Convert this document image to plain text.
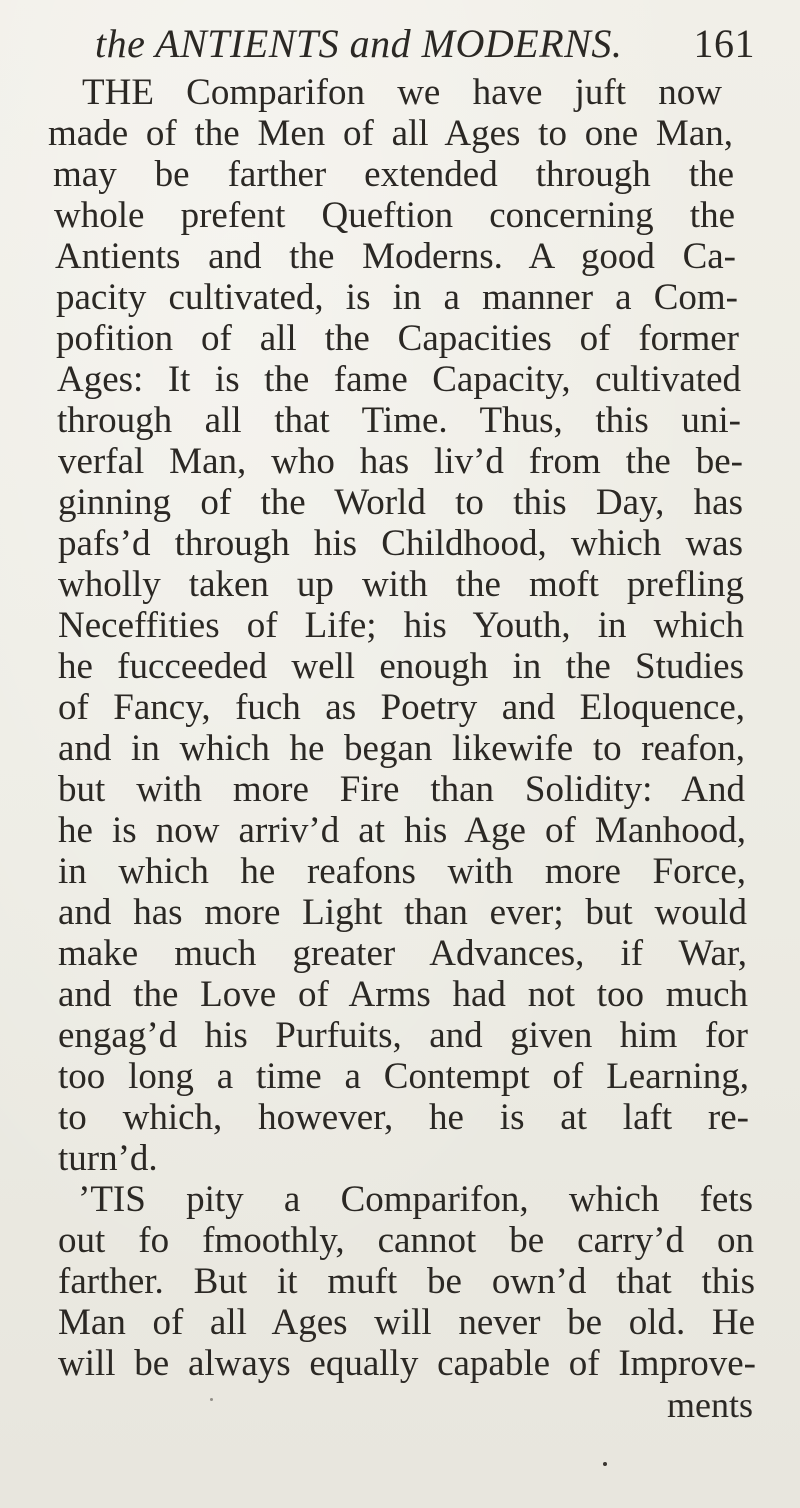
the ANTIENTS and MODERNS. 161
THE Comparifon we have juft now
made of the Men of all Ages to one Man,
may be farther extended through the
whole prefent Queftion concerning the
Antients and the Moderns. A good Ca-
pacity cultivated, is in a manner a Com-
pofition of all the Capacities of former
Ages: It is the fame Capacity, cultivated
through all that Time. Thus, this uni-
verfal Man, who has liv’d from the be-
ginning of the World to this Day, has
pafs’d through his Childhood, which was
wholly taken up with the moft prefling
Neceffities of Life; his Youth, in which
he fucceeded well enough in the Studies
of Fancy, fuch as Poetry and Eloquence,
and in which he began likewife to reafon,
but with more Fire than Solidity: And
he is now arriv’d at his Age of Manhood,
in which he reafons with more Force,
and has more Light than ever; but would
make much greater Advances, if War,
and the Love of Arms had not too much
engag’d his Purfuits, and given him for
too long a time a Contempt of Learning,
to which, however, he is at laft re-
turn’d.
’TIS pity a Comparifon, which fets
out fo fmoothly, cannot be carry’d on
farther. But it muft be own’d that this
Man of all Ages will never be old. He
will be always equally capable of Improve-
ments
